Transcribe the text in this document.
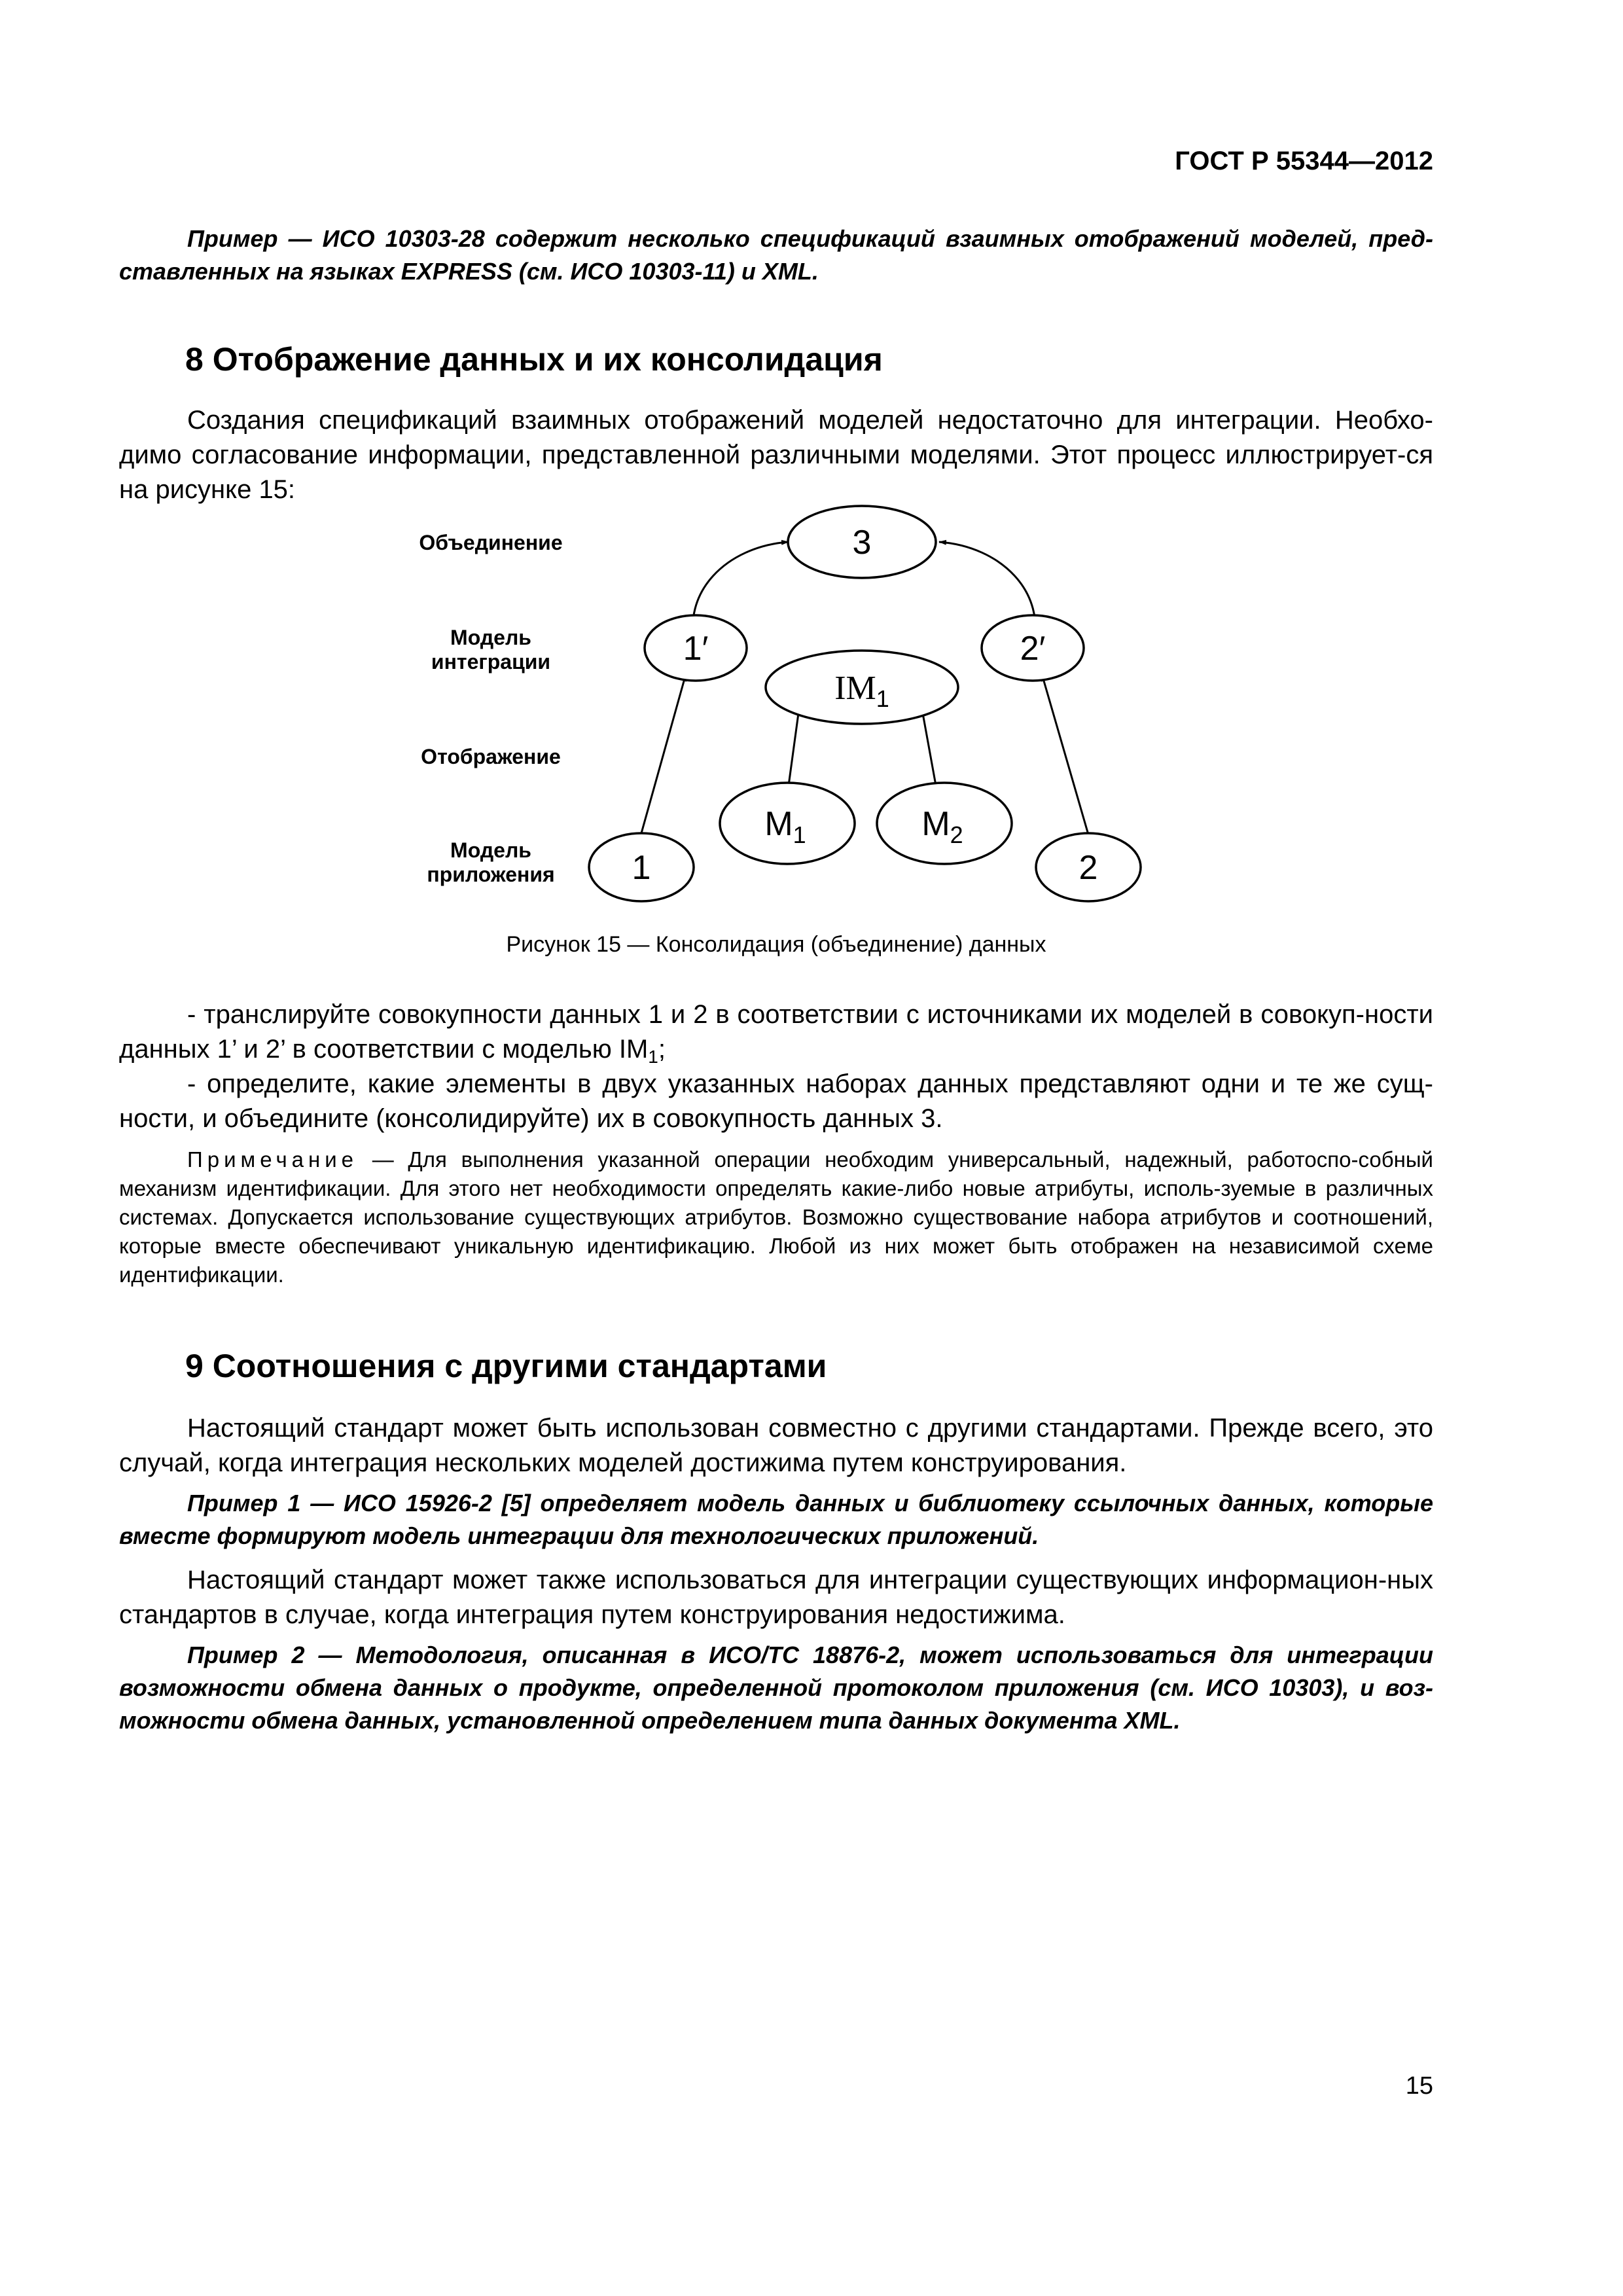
ГОСТ Р 55344—2012
Пример — ИСО 10303-28 содержит несколько спецификаций взаимных отображений моделей, пред-ставленных на языках EXPRESS (см. ИСО 10303-11) и XML.
8 Отображение данных и их консолидация
Создания спецификаций взаимных отображений моделей недостаточно для интеграции. Необхо-димо согласование информации, представленной различными моделями. Этот процесс иллюстрирует-ся на рисунке 15:
Объединение
Модель
интеграции
Отображение
Модель
приложения
3
1′	2′
IM1
M1	M2
1	2
Рисунок 15 — Консолидация (объединение) данных
- транслируйте совокупности данных 1 и 2 в соответствии с источниками их моделей в совокуп-ности данных 1’ и 2’ в соответствии с моделью $IM_1$;
- определите, какие элементы в двух указанных наборах данных представляют одни и те же сущ-ности, и объедините (консолидируйте) их в совокупность данных 3.
Примечание — Для выполнения указанной операции необходим универсальный, надежный, работоспо-собный механизм идентификации. Для этого нет необходимости определять какие-либо новые атрибуты, исполь-зуемые в различных системах. Допускается использование существующих атрибутов. Возможно существование набора атрибутов и соотношений, которые вместе обеспечивают уникальную идентификацию. Любой из них может быть отображен на независимой схеме идентификации.
9 Соотношения с другими стандартами
Настоящий стандарт может быть использован совместно с другими стандартами. Прежде всего, это случай, когда интеграция нескольких моделей достижима путем конструирования.
Пример 1 — ИСО 15926-2 [5] определяет модель данных и библиотеку ссылочных данных, которые вместе формируют модель интеграции для технологических приложений.
Настоящий стандарт может также использоваться для интеграции существующих информацион-ных стандартов в случае, когда интеграция путем конструирования недостижима.
Пример 2 — Методология, описанная в ИСО/ТС 18876-2, может использоваться для интеграции возможности обмена данных о продукте, определенной протоколом приложения (см. ИСО 10303), и воз-можности обмена данных, установленной определением типа данных документа XML.
15
